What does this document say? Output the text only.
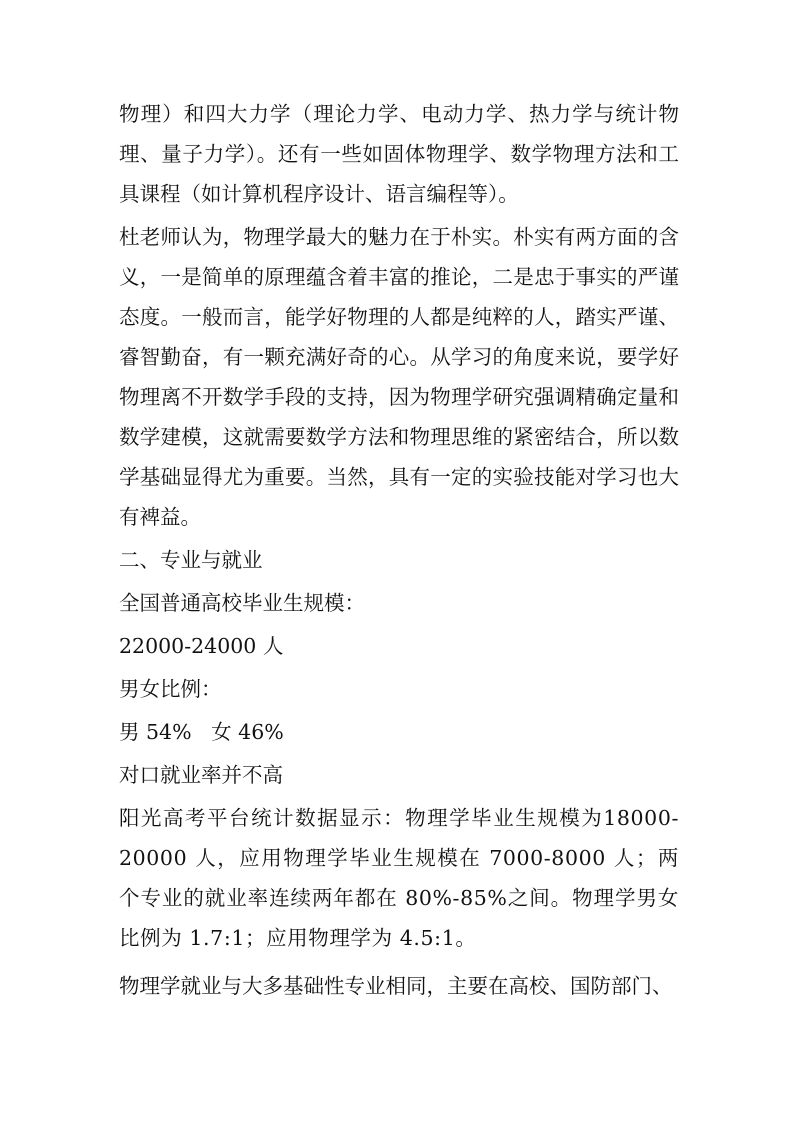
物理）和四大力学（理论力学、电动力学、热力学与统计物理、量子力学）。还有一些如固体物理学、数学物理方法和工具课程（如计算机程序设计、语言编程等）。

杜老师认为，物理学最大的魅力在于朴实。朴实有两方面的含义，一是简单的原理蕴含着丰富的推论，二是忠于事实的严谨态度。一般而言，能学好物理的人都是纯粹的人，踏实严谨、睿智勤奋，有一颗充满好奇的心。从学习的角度来说，要学好物理离不开数学手段的支持，因为物理学研究强调精确定量和数学建模，这就需要数学方法和物理思维的紧密结合，所以数学基础显得尤为重要。当然，具有一定的实验技能对学习也大有裨益。

二、专业与就业

全国普通高校毕业生规模：

22000-24000 人

男女比例：

男 54%   女 46%

对口就业率并不高

阳光高考平台统计数据显示：物理学毕业生规模为18000-20000 人，应用物理学毕业生规模在 7000-8000 人；两个专业的就业率连续两年都在 80%-85%之间。物理学男女比例为 1.7:1；应用物理学为 4.5:1。

物理学就业与大多基础性专业相同，主要在高校、国防部门、
